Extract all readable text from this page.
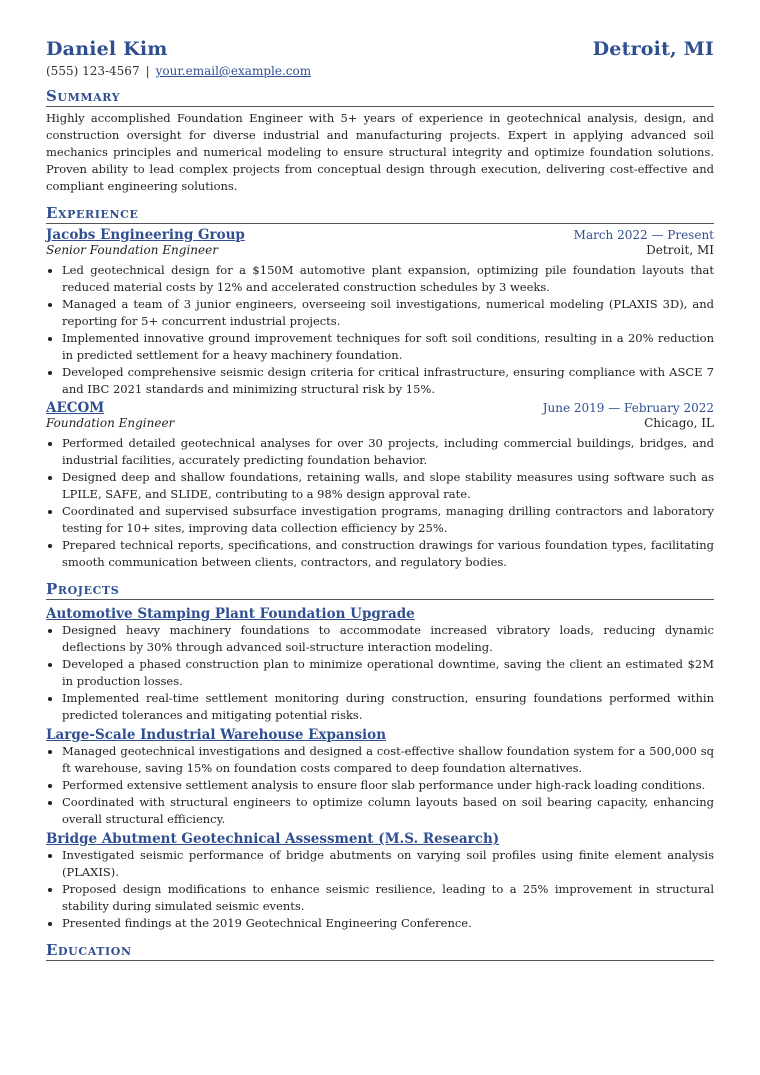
Daniel Kim	Detroit, MI
(555) 123-4567 | your.email@example.com
Summary

Highly accomplished Foundation Engineer with 5+ years of experience in geotechnical analysis, design, and construction oversight for diverse industrial and manufacturing projects. Expert in applying advanced soil mechanics principles and numerical modeling to ensure structural integrity and optimize foundation solutions. Proven ability to lead complex projects from conceptual design through execution, delivering cost-effective and compliant engineering solutions.

Experience
Jacobs Engineering Group	March 2022 — Present
Senior Foundation Engineer	Detroit, MI
• Led geotechnical design for a $150M automotive plant expansion, optimizing pile foundation layouts that reduced material costs by 12% and accelerated construction schedules by 3 weeks.
• Managed a team of 3 junior engineers, overseeing soil investigations, numerical modeling (PLAXIS 3D), and reporting for 5+ concurrent industrial projects.
• Implemented innovative ground improvement techniques for soft soil conditions, resulting in a 20% reduction in predicted settlement for a heavy machinery foundation.
• Developed comprehensive seismic design criteria for critical infrastructure, ensuring compliance with ASCE 7 and IBC 2021 standards and minimizing structural risk by 15%.
AECOM	June 2019 — February 2022
Foundation Engineer	Chicago, IL
• Performed detailed geotechnical analyses for over 30 projects, including commercial buildings, bridges, and industrial facilities, accurately predicting foundation behavior.
• Designed deep and shallow foundations, retaining walls, and slope stability measures using software such as LPILE, SAFE, and SLIDE, contributing to a 98% design approval rate.
• Coordinated and supervised subsurface investigation programs, managing drilling contractors and laboratory testing for 10+ sites, improving data collection efficiency by 25%.
• Prepared technical reports, specifications, and construction drawings for various foundation types, facilitating smooth communication between clients, contractors, and regulatory bodies.
Projects
Automotive Stamping Plant Foundation Upgrade
• Designed heavy machinery foundations to accommodate increased vibratory loads, reducing dynamic deflections by 30% through advanced soil-structure interaction modeling.
• Developed a phased construction plan to minimize operational downtime, saving the client an estimated $2M in production losses.
• Implemented real-time settlement monitoring during construction, ensuring foundations performed within predicted tolerances and mitigating potential risks.
Large-Scale Industrial Warehouse Expansion
• Managed geotechnical investigations and designed a cost-effective shallow foundation system for a 500,000 sq ft warehouse, saving 15% on foundation costs compared to deep foundation alternatives.
• Performed extensive settlement analysis to ensure floor slab performance under high-rack loading conditions.
• Coordinated with structural engineers to optimize column layouts based on soil bearing capacity, enhancing overall structural efficiency.
Bridge Abutment Geotechnical Assessment (M.S. Research)
• Investigated seismic performance of bridge abutments on varying soil profiles using finite element analysis (PLAXIS).
• Proposed design modifications to enhance seismic resilience, leading to a 25% improvement in structural stability during simulated seismic events.
• Presented findings at the 2019 Geotechnical Engineering Conference.
Education
